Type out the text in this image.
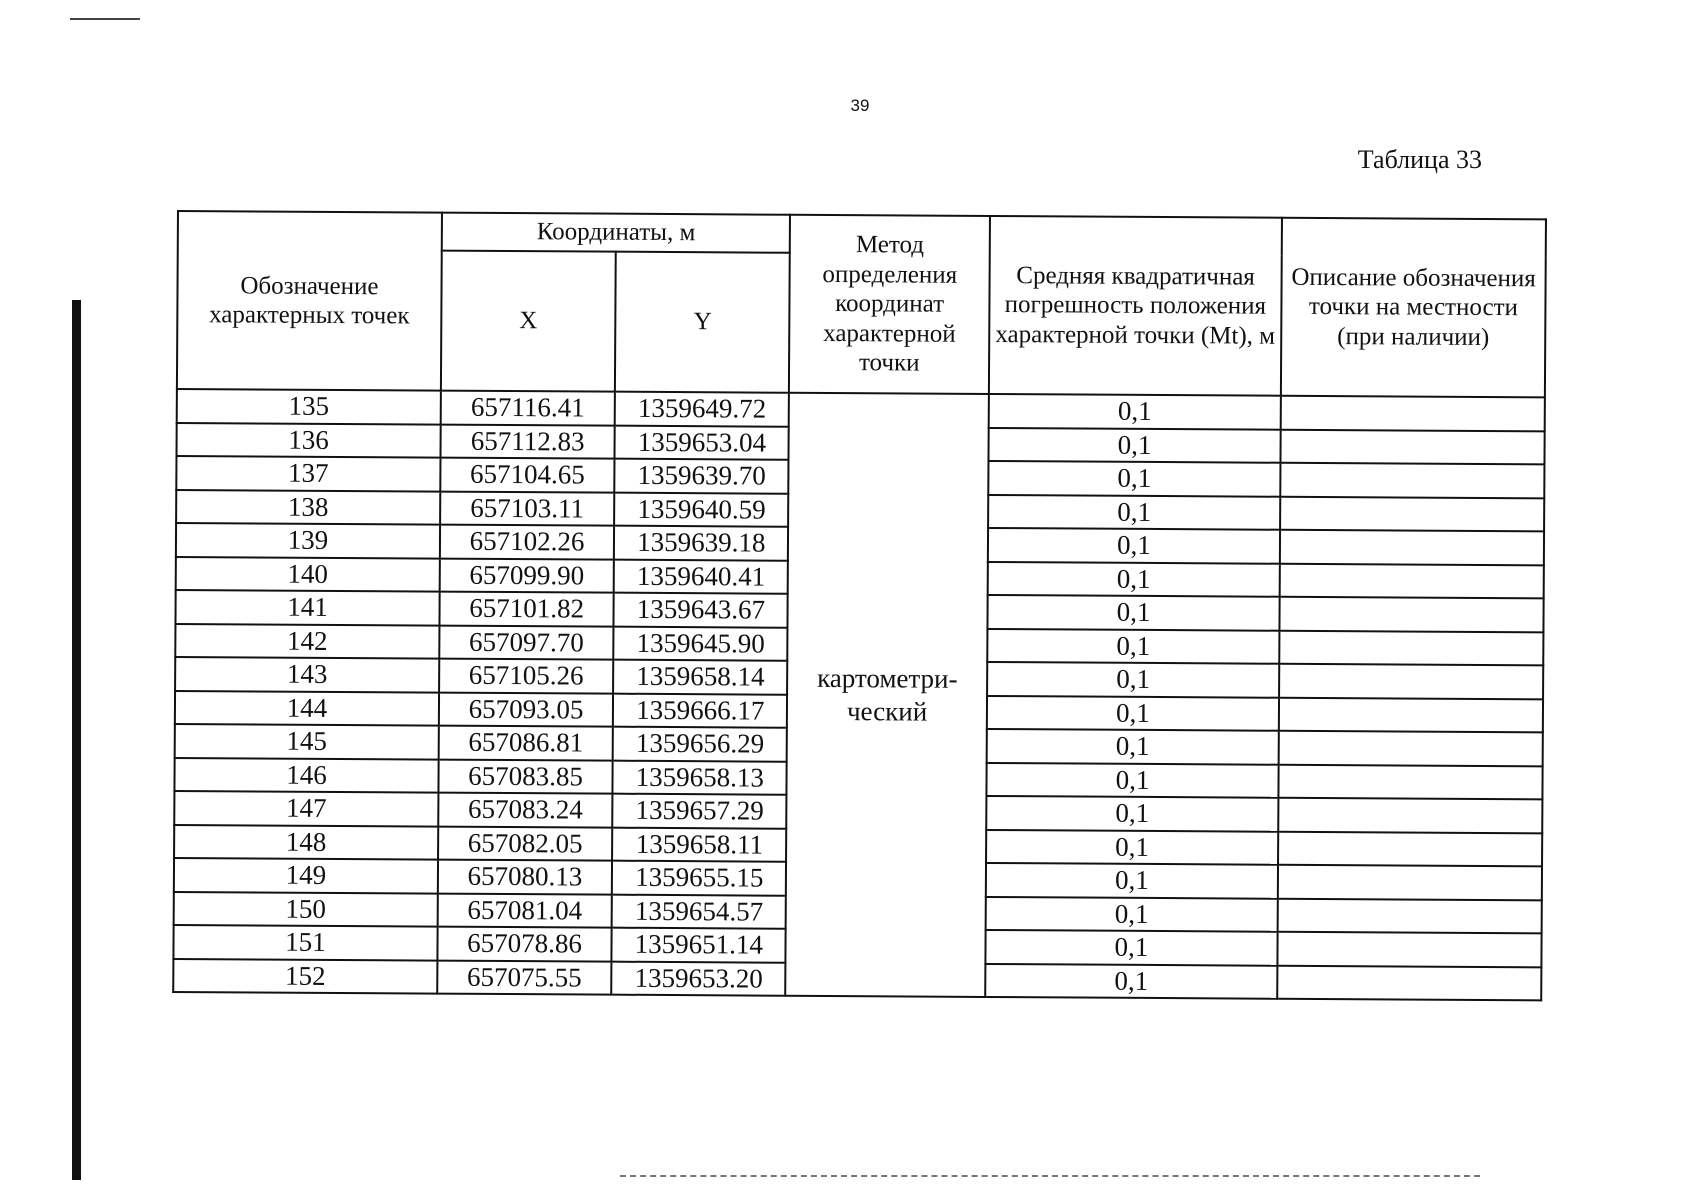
39
Таблица 33
Обозначение характерных точек	Координаты, м		Метод определения координат характерной точки	Средняя квадратичная погрешность положения характерной точки (Mt), м	Описание обозначения точки на местности (при наличии)
	X	Y			
135	657116.41	1359649.72	картометри-ческий	0,1	
136	657112.83	1359653.04		0,1	
137	657104.65	1359639.70		0,1	
138	657103.11	1359640.59		0,1	
139	657102.26	1359639.18		0,1	
140	657099.90	1359640.41		0,1	
141	657101.82	1359643.67		0,1	
142	657097.70	1359645.90		0,1	
143	657105.26	1359658.14		0,1	
144	657093.05	1359666.17		0,1	
145	657086.81	1359656.29		0,1	
146	657083.85	1359658.13		0,1	
147	657083.24	1359657.29		0,1	
148	657082.05	1359658.11		0,1	
149	657080.13	1359655.15		0,1	
150	657081.04	1359654.57		0,1	
151	657078.86	1359651.14		0,1	
152	657075.55	1359653.20		0,1	
